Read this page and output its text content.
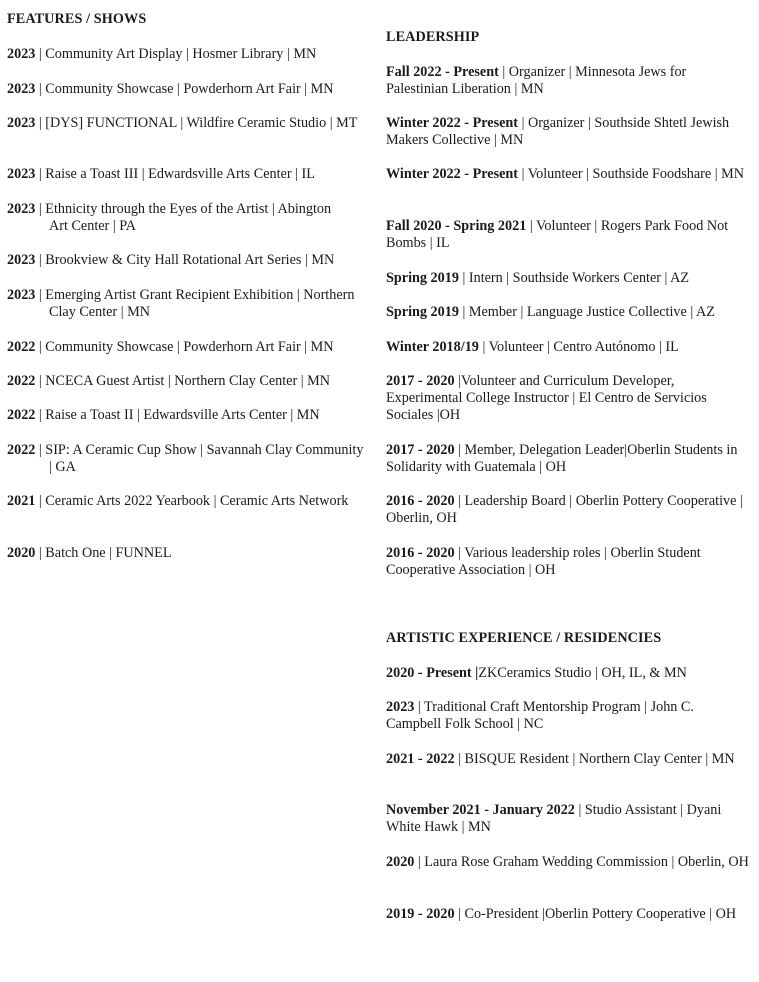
FEATURES / SHOWS
2023 | Community Art Display | Hosmer Library | MN
2023 | Community Showcase | Powderhorn Art Fair | MN
2023 | [DYS] FUNCTIONAL | Wildfire Ceramic Studio | MT
2023 | Raise a Toast III | Edwardsville Arts Center | IL
2023 | Ethnicity through the Eyes of the Artist | Abington Art Center | PA
2023 | Brookview & City Hall Rotational Art Series | MN
2023 | Emerging Artist Grant Recipient Exhibition | Northern Clay Center | MN
2022 | Community Showcase | Powderhorn Art Fair | MN
2022 | NCECA Guest Artist | Northern Clay Center | MN
2022 | Raise a Toast II | Edwardsville Arts Center | MN
2022 | SIP: A Ceramic Cup Show | Savannah Clay Community | GA
2021 | Ceramic Arts 2022 Yearbook | Ceramic Arts Network
2020 | Batch One | FUNNEL
LEADERSHIP
Fall 2022 - Present | Organizer | Minnesota Jews for Palestinian Liberation | MN
Winter 2022 - Present | Organizer | Southside Shtetl Jewish Makers Collective | MN
Winter 2022 - Present | Volunteer | Southside Foodshare | MN
Fall 2020 - Spring 2021 | Volunteer | Rogers Park Food Not Bombs | IL
Spring 2019 | Intern | Southside Workers Center | AZ
Spring 2019 | Member | Language Justice Collective | AZ
Winter 2018/19 | Volunteer | Centro Autónomo | IL
2017 - 2020 |Volunteer and Curriculum Developer, Experimental College Instructor | El Centro de Servicios Sociales |OH
2017 - 2020 | Member, Delegation Leader|Oberlin Students in Solidarity with Guatemala | OH
2016 - 2020 | Leadership Board | Oberlin Pottery Cooperative | Oberlin, OH
2016 - 2020 | Various leadership roles | Oberlin Student Cooperative Association | OH
ARTISTIC EXPERIENCE / RESIDENCIES
2020 - Present |ZKCeramics Studio | OH, IL, & MN
2023 | Traditional Craft Mentorship Program | John C. Campbell Folk School | NC
2021 - 2022 | BISQUE Resident | Northern Clay Center | MN
November 2021 - January 2022 | Studio Assistant | Dyani White Hawk | MN
2020 | Laura Rose Graham Wedding Commission | Oberlin, OH
2019 - 2020 | Co-President |Oberlin Pottery Cooperative | OH
